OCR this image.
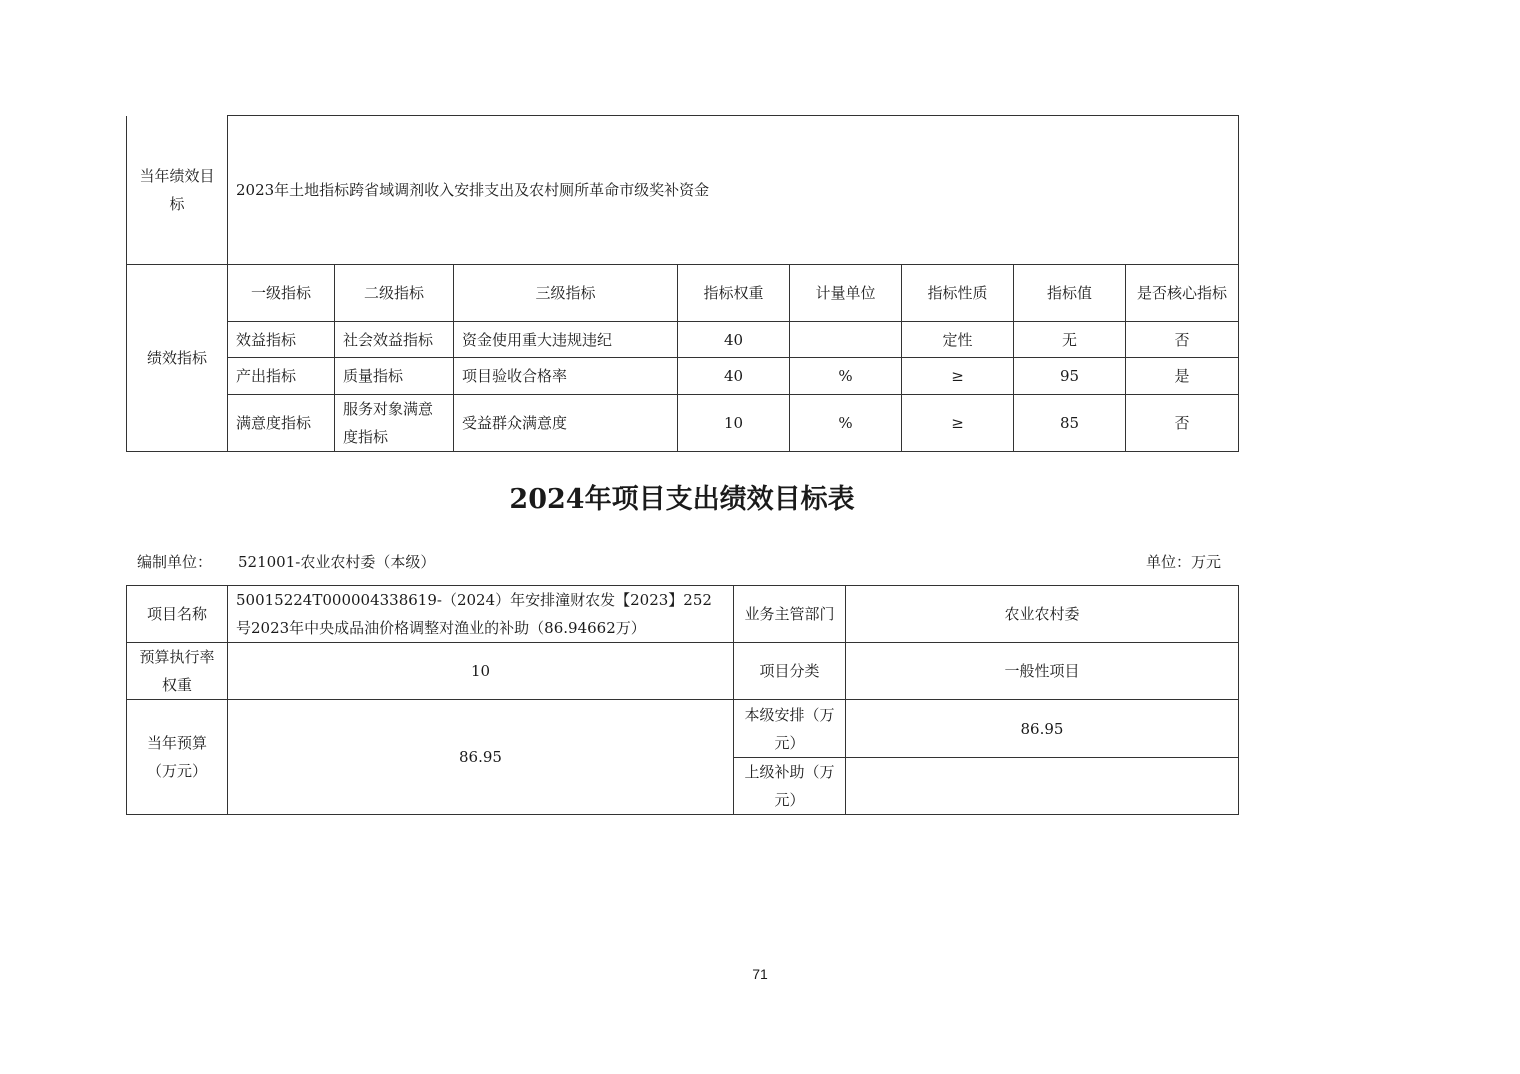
当年绩效目标	2023年土地指标跨省域调剂收入安排支出及农村厕所革命市级奖补资金							
绩效指标	一级指标	二级指标	三级指标	指标权重	计量单位	指标性质	指标值	是否核心指标
	效益指标	社会效益指标	资金使用重大违规违纪	40		定性	无	否
	产出指标	质量指标	项目验收合格率	40	%	≥	95	是
	满意度指标	服务对象满意度指标	受益群众满意度	10	%	≥	85	否
2024年项目支出绩效目标表
编制单位： 521001-农业农村委（本级）	单位：万元
项目名称	50015224T000004338619-（2024）年安排潼财农发【2023】252号2023年中央成品油价格调整对渔业的补助（86.94662万）	业务主管部门	农业农村委
预算执行率权重	10	项目分类	一般性项目
当年预算（万元）	86.95	本级安排（万元）	86.95
		上级补助（万元）	
71
